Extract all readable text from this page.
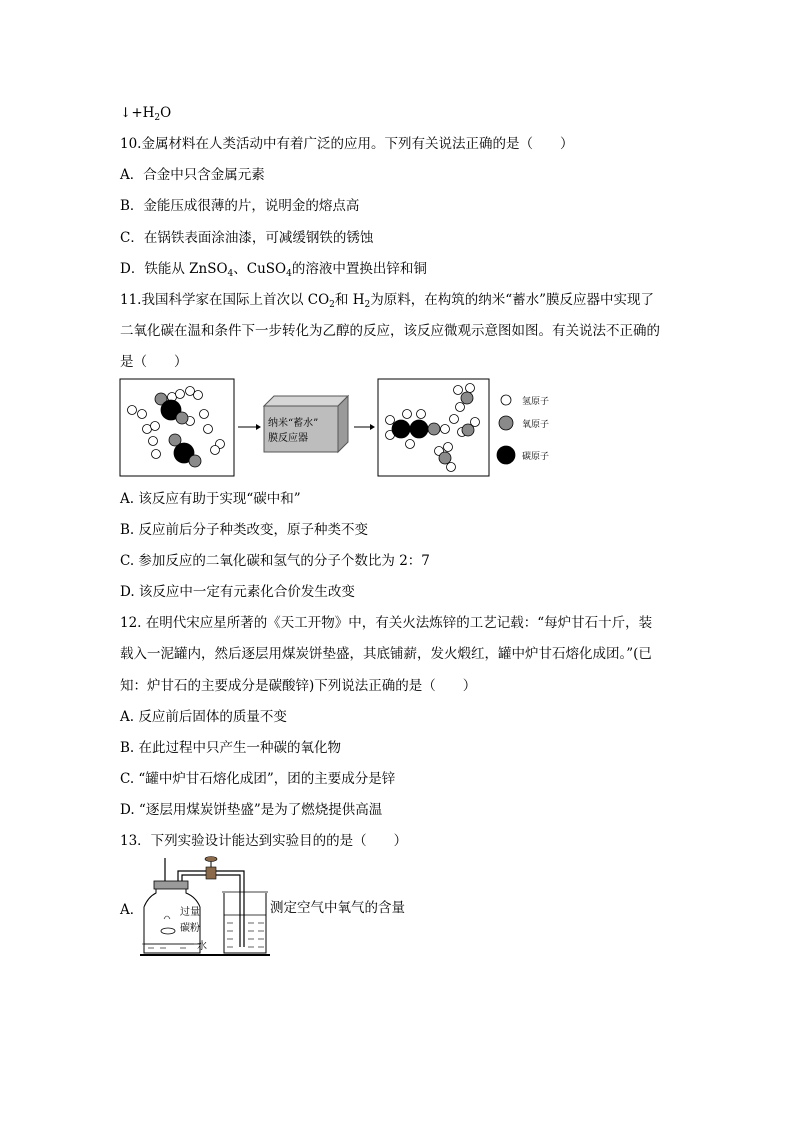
$↓+H_2O$
10.金属材料在人类活动中有着广泛的应用。下列有关说法正确的是（　　）
A．合金中只含金属元素
B．金能压成很薄的片，说明金的熔点高
C．在锅铁表面涂油漆，可减缓钢铁的锈蚀
D．铁能从 ZnSO$_4$、CuSO$_4$的溶液中置换出锌和铜
11.我国科学家在国际上首次以 $CO_2$和 $H_2$为原料，在构筑的纳米“蓄水”膜反应器中实现了
二氧化碳在温和条件下一步转化为乙醇的反应，该反应微观示意图如图。有关说法不正确的
是（　　）
纳米“蓄水”
膜反应器
氢原子
氧原子
碳原子
A. 该反应有助于实现“碳中和”
B. 反应前后分子种类改变，原子种类不变
C. 参加反应的二氧化碳和氢气的分子个数比为 2：7
D. 该反应中一定有元素化合价发生改变
12. 在明代宋应星所著的《天工开物》中，有关火法炼锌的工艺记载：“每炉甘石十斤，装
载入一泥罐内，然后逐层用煤炭饼垫盛，其底铺薪，发火煅红，罐中炉甘石熔化成团。”(已
知：炉甘石的主要成分是碳酸锌)下列说法正确的是（　　）
A. 反应前后固体的质量不变
B. 在此过程中只产生一种碳的氧化物
C. “罐中炉甘石熔化成团”，团的主要成分是锌
D. “逐层用煤炭饼垫盛”是为了燃烧提供高温
13．下列实验设计能达到实验目的的是（　　）
A．	过量
碳粉
水
测定空气中氧气的含量
